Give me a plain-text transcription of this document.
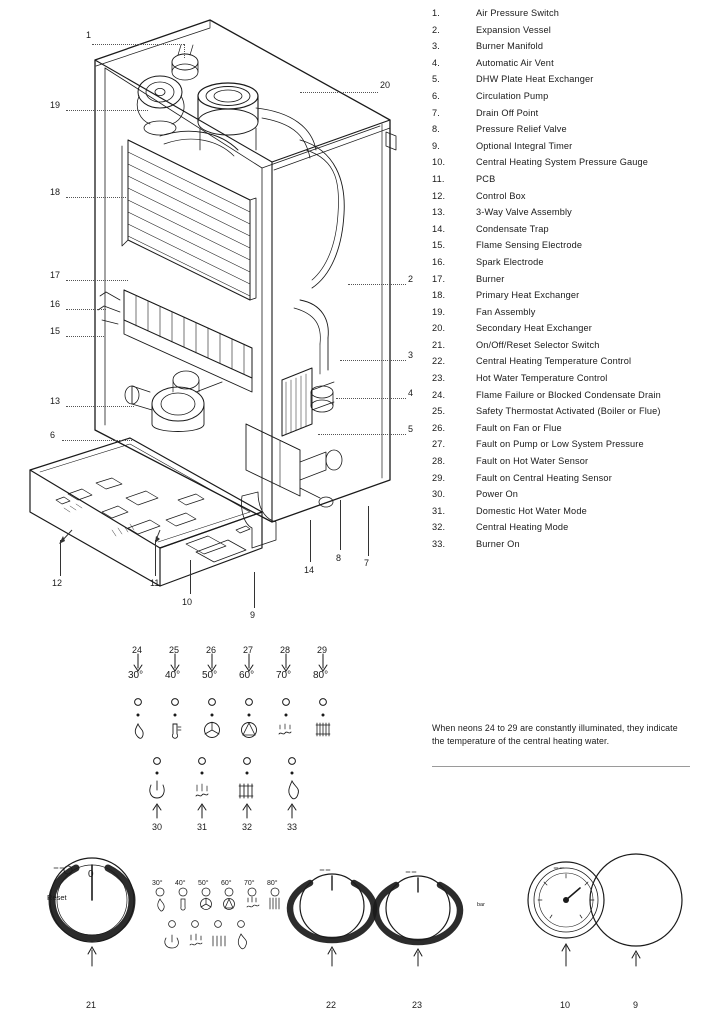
1
19
18
17
16
15
13
6
12	11
10
9
20
2
3
4
5
7
8
14
24	25	26	27	28	29
30° 40° 50° 60° 70° 80°
30	31	32	33
Reset
0
30° 40° 50° 60° 70° 80°
bar
21	22	23	10	9
1.	Air Pressure Switch
2.	Expansion Vessel
3.	Burner Manifold
4.	Automatic Air Vent
5.	DHW Plate Heat Exchanger
6.	Circulation Pump
7.	Drain Off Point
8.	Pressure Relief Valve
9.	Optional Integral Timer
10.	Central Heating System Pressure Gauge
11.	PCB
12.	Control Box
13.	3-Way Valve Assembly
14.	Condensate Trap
15.	Flame Sensing Electrode
16.	Spark Electrode
17.	Burner
18.	Primary Heat Exchanger
19.	Fan Assembly
20.	Secondary Heat Exchanger
21.	On/Off/Reset Selector Switch
22.	Central Heating Temperature Control
23.	Hot Water Temperature Control
24.	Flame Failure or Blocked Condensate Drain
25.	Safety Thermostat Activated (Boiler or Flue)
26.	Fault on Fan or Flue
27.	Fault on Pump or Low System Pressure
28.	Fault on Hot Water Sensor
29.	Fault on Central Heating Sensor
30.	Power On
31.	Domestic Hot Water Mode
32.	Central Heating Mode
33.	Burner On
When neons 24 to 29 are constantly illuminated, they indicate the temperature of the central heating water.
